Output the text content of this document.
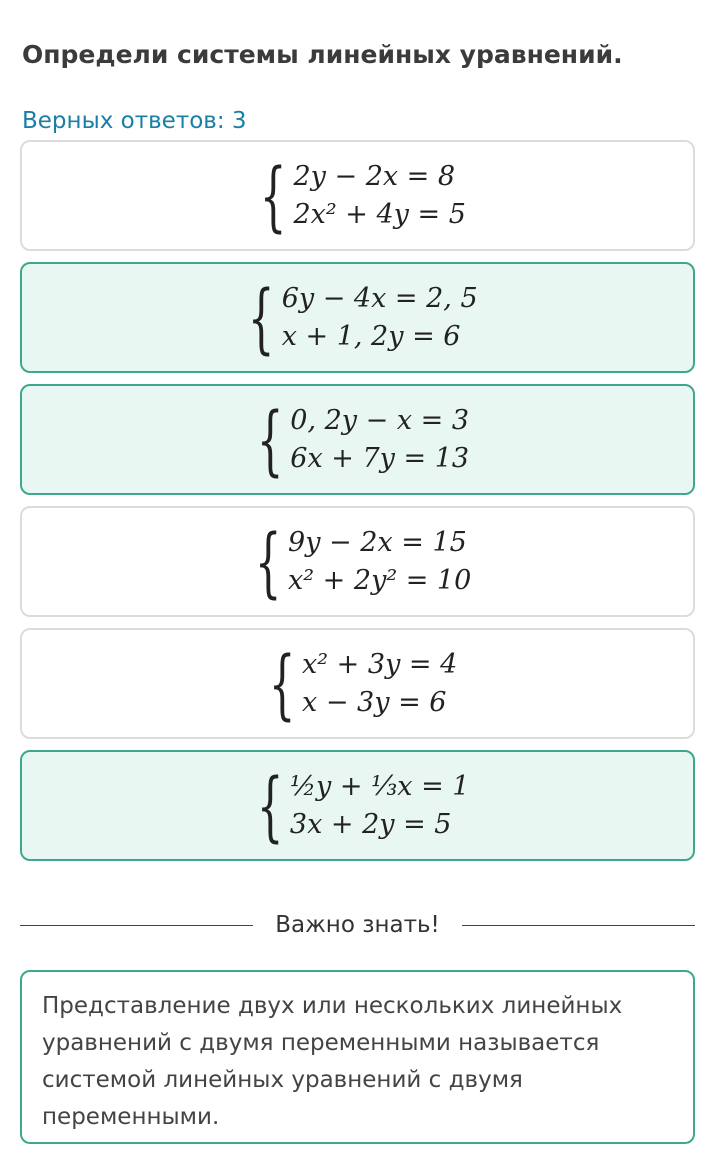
Определи системы линейных уравнений.
Верных ответов: 3
{ 2y − 2x = 8
2x² + 4y = 5
{ 6y − 4x = 2, 5
x + 1, 2y = 6
{ 0, 2y − x = 3
6x + 7y = 13
{ 9y − 2x = 15
x² + 2y² = 10
{ x² + 3y = 4
x − 3y = 6
{ ½y + ⅓x = 1
3x + 2y = 5
Важно знать!
Представление двух или нескольких линейных уравнений с двумя переменными называется системой линейных уравнений с двумя переменными.
